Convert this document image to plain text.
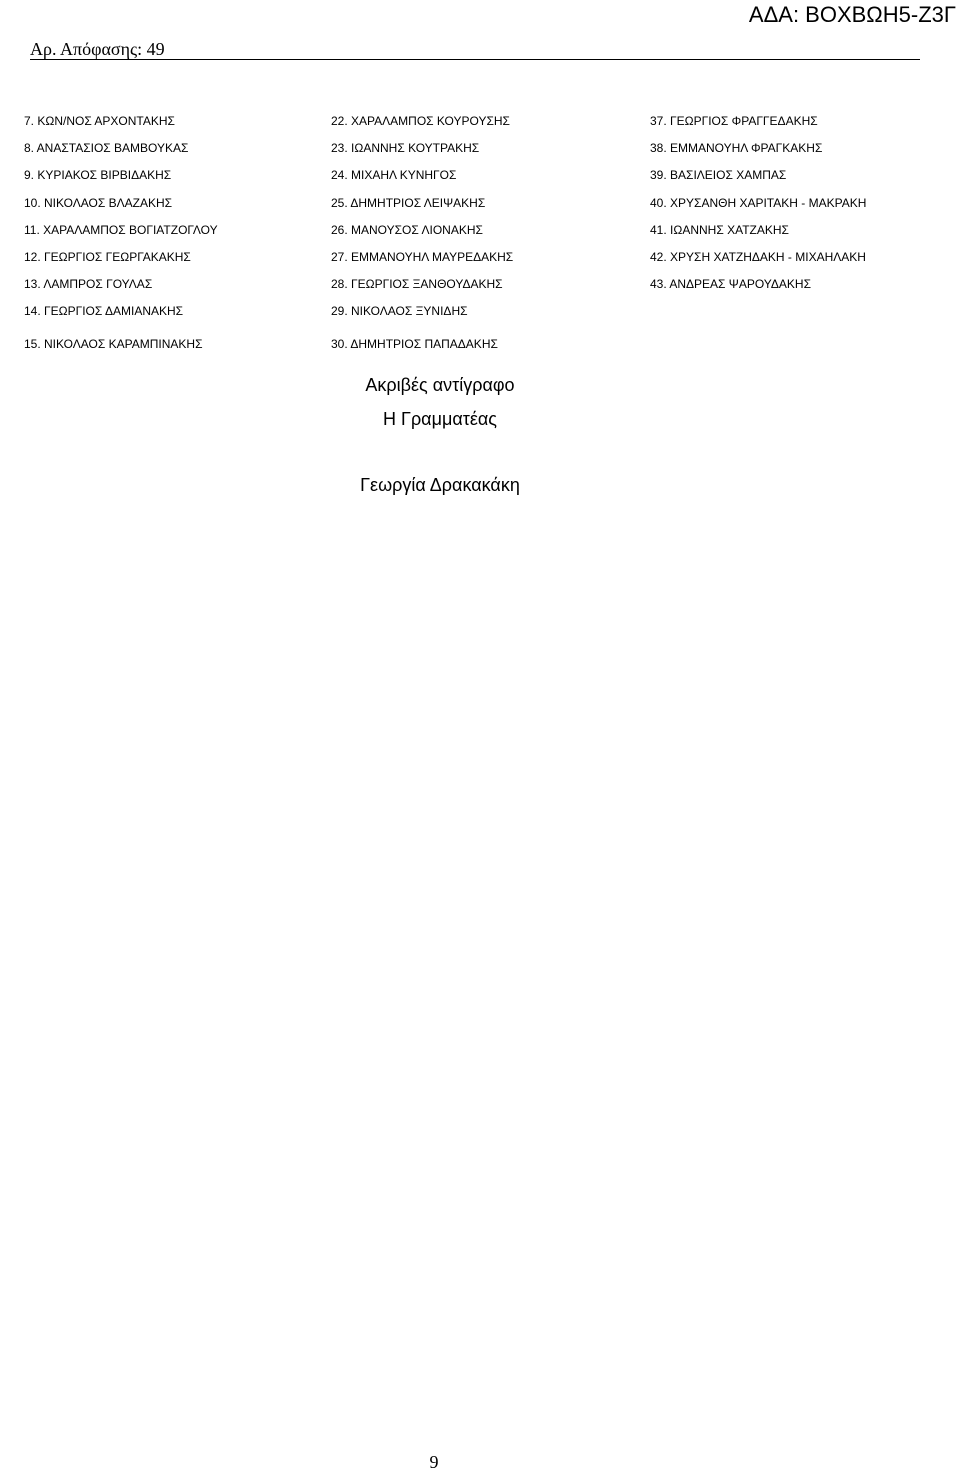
ΑΔΑ: ΒΟΧΒΩΗ5-Ζ3Γ
Αρ. Απόφασης: 49
7. ΚΩΝ/ΝΟΣ ΑΡΧΟΝΤΑΚΗΣ
8. ΑΝΑΣΤΑΣΙΟΣ ΒΑΜΒΟΥΚΑΣ
9. ΚΥΡΙΑΚΟΣ ΒΙΡΒΙΔΑΚΗΣ
10. ΝΙΚΟΛΑΟΣ ΒΛΑΖΑΚΗΣ
11. ΧΑΡΑΛΑΜΠΟΣ ΒΟΓΙΑΤΖΟΓΛΟΥ
12. ΓΕΩΡΓΙΟΣ ΓΕΩΡΓΑΚΑΚΗΣ
13. ΛΑΜΠΡΟΣ ΓΟΥΛΑΣ
14. ΓΕΩΡΓΙΟΣ ΔΑΜΙΑΝΑΚΗΣ
22. ΧΑΡΑΛΑΜΠΟΣ ΚΟΥΡΟΥΣΗΣ
23. ΙΩΑΝΝΗΣ ΚΟΥΤΡΑΚΗΣ
24. ΜΙΧΑΗΛ ΚΥΝΗΓΟΣ
25. ΔΗΜΗΤΡΙΟΣ ΛΕΙΨΑΚΗΣ
26. ΜΑΝΟΥΣΟΣ ΛΙΟΝΑΚΗΣ
27. ΕΜΜΑΝΟΥΗΛ ΜΑΥΡΕΔΑΚΗΣ
28. ΓΕΩΡΓΙΟΣ ΞΑΝΘΟΥΔΑΚΗΣ
29. ΝΙΚΟΛΑΟΣ ΞΥΝΙΔΗΣ
37. ΓΕΩΡΓΙΟΣ ΦΡΑΓΓΕΔΑΚΗΣ
38. ΕΜΜΑΝΟΥΗΛ ΦΡΑΓΚΑΚΗΣ
39. ΒΑΣΙΛΕΙΟΣ ΧΑΜΠΑΣ
40. ΧΡΥΣΑΝΘΗ ΧΑΡΙΤΑΚΗ - ΜΑΚΡΑΚΗ
41. ΙΩΑΝΝΗΣ ΧΑΤΖΑΚΗΣ
42. ΧΡΥΣΗ ΧΑΤΖΗΔΑΚΗ - ΜΙΧΑΗΛΑΚΗ
43. ΑΝΔΡΕΑΣ ΨΑΡΟΥΔΑΚΗΣ
15. ΝΙΚΟΛΑΟΣ ΚΑΡΑΜΠΙΝΑΚΗΣ	30. ΔΗΜΗΤΡΙΟΣ ΠΑΠΑΔΑΚΗΣ
Ακριβές αντίγραφο
Η Γραμματέας
Γεωργία Δρακακάκη
9
